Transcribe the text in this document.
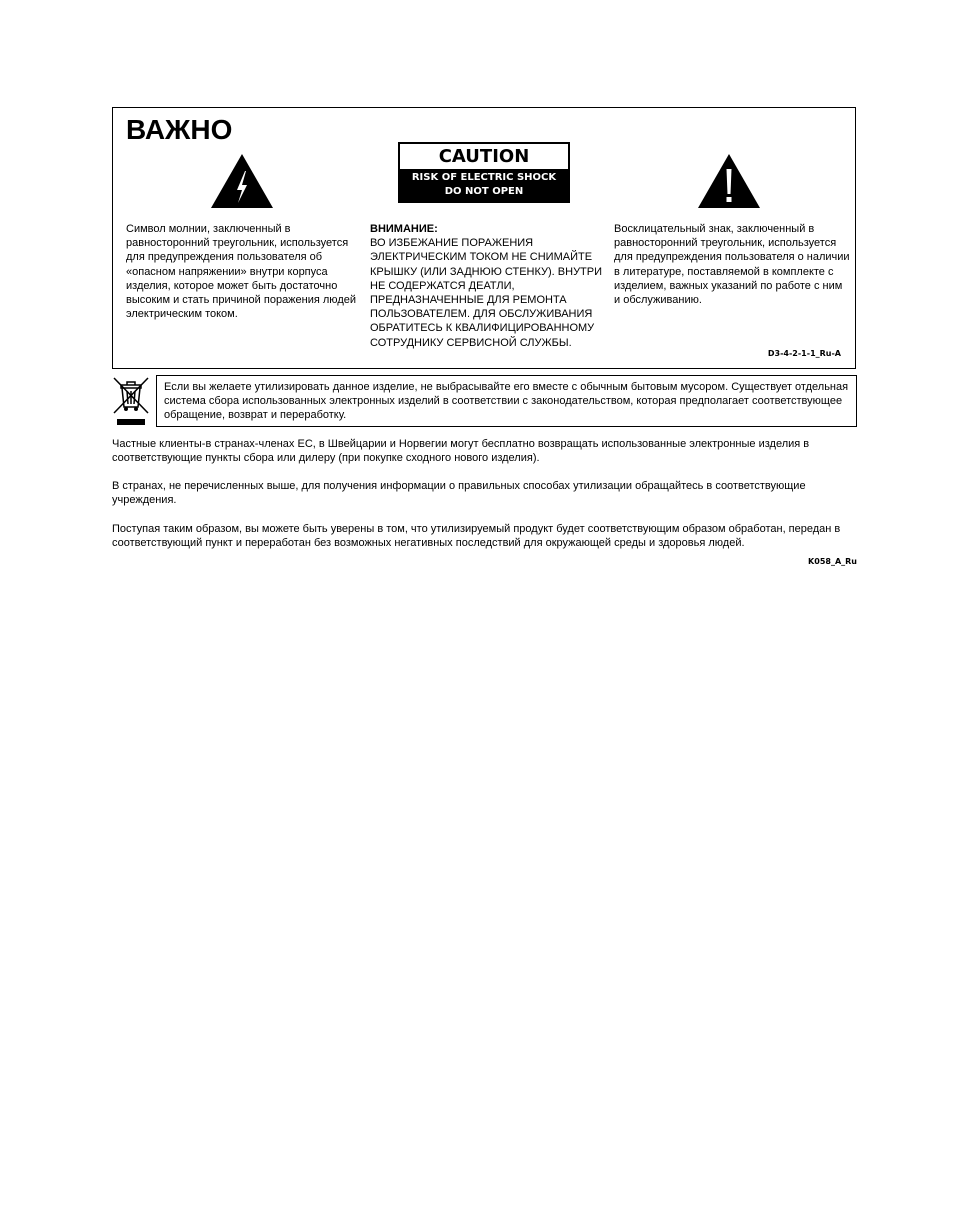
ВАЖНО
CAUTION
RISK OF ELECTRIC SHOCK
DO NOT OPEN
Символ молнии, заключенный в равносторонний треугольник, используется для предупреждения пользователя об «опасном напряжении» внутри корпуса изделия, которое может быть достаточно высоким и стать причиной поражения людей электрическим током.
ВНИМАНИЕ:
ВО ИЗБЕЖАНИЕ ПОРАЖЕНИЯ ЭЛЕКТРИЧЕСКИМ ТОКОМ НЕ СНИМАЙТЕ КРЫШКУ (ИЛИ ЗАДНЮЮ СТЕНКУ). ВНУТРИ НЕ СОДЕРЖАТСЯ ДЕАТЛИ, ПРЕДНАЗНАЧЕННЫЕ ДЛЯ РЕМОНТА ПОЛЬЗОВАТЕЛЕМ. ДЛЯ ОБСЛУЖИВАНИЯ ОБРАТИТЕСЬ К КВАЛИФИЦИРОВАННОМУ СОТРУДНИКУ СЕРВИСНОЙ СЛУЖБЫ.
Восклицательный знак, заключенный в равносторонний треугольник, используется для предупреждения пользователя о наличии в литературе, поставляемой в комплекте с изделием, важных указаний по работе с ним и обслуживанию.
D3-4-2-1-1_Ru-A
Если вы желаете утилизировать данное изделие, не выбрасывайте его вместе с обычным бытовым мусором. Существует отдельная система сбора использованных электронных изделий в соответствии с законодательством, которая предполагает соответствующее обращение, возврат и переработку.
Частные клиенты-в странах-членах ЕС, в Швейцарии и Норвегии могут бесплатно возвращать использованные электронные изделия в соответствующие пункты сбора или дилеру (при покупке сходного нового изделия).
В странах, не перечисленных выше, для получения информации о правильных способах утилизации обращайтесь в соответствующие учреждения.
Поступая таким образом, вы можете быть уверены в том, что утилизируемый продукт будет соответствующим образом обработан, передан в соответствующий пункт и переработан без возможных негативных последствий для окружающей среды и здоровья людей.
K058_A_Ru
